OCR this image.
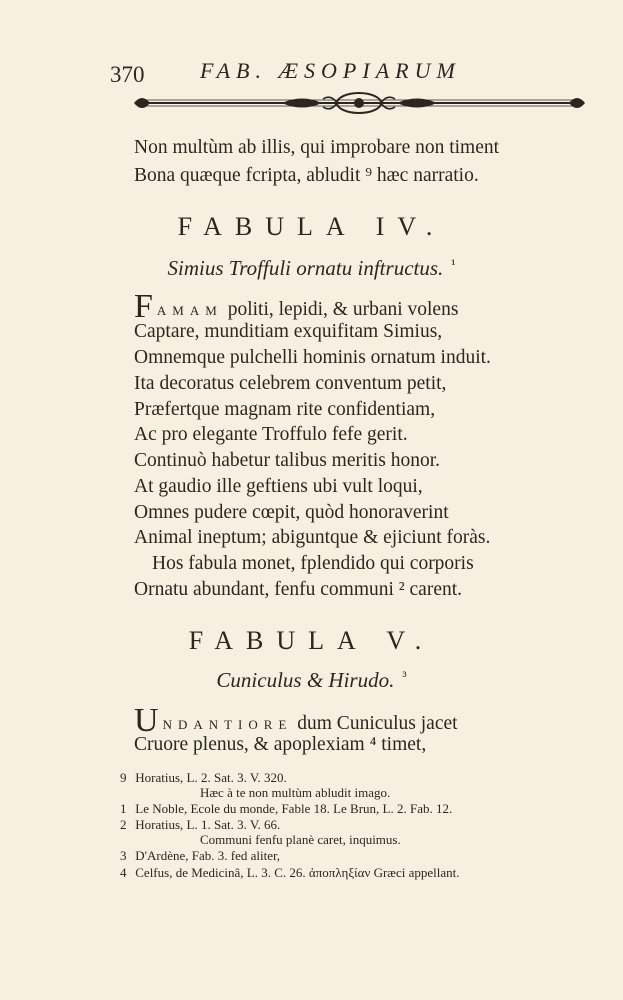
370	FAB. ÆSOPIARUM
Non multùm ab illis, qui improbare non timent
Bona quæque fcripta, abludit ⁹ hæc narratio.
FABULA IV.
Simius Troffuli ornatu inftructus. $^{^1}$
FAMAM politi, lepidi, & urbani volens
Captare, munditiam exquifitam Simius,
Omnemque pulchelli hominis ornatum induit.
Ita decoratus celebrem conventum petit,
Præfertque magnam rite confidentiam,
Ac pro elegante Troffulo fefe gerit.
Continuò habetur talibus meritis honor.
At gaudio ille geftiens ubi vult loqui,
Omnes pudere cœpit, quòd honoraverint
Animal ineptum; abiguntque & ejiciunt foràs.
Hos fabula monet, fplendido qui corporis
Ornatu abundant, fenfu communi ² carent.
FABULA V.
Cuniculus & Hirudo. $^{^3}$
UNDANTIORE dum Cuniculus jacet
Cruore plenus, & apoplexiam ⁴ timet,
9 Horatius, L. 2. Sat. 3. V. 320.
Hæc à te non multùm abludit imago.
1 Le Noble, Ecole du monde, Fable 18. Le Brun, L. 2. Fab. 12.
2 Horatius, L. 1. Sat. 3. V. 66.
Communi fenfu planè caret, inquimus.
3 D'Ardène, Fab. 3. fed aliter,
4 Celfus, de Medicinâ, L. 3. C. 26. ἀποπληξίαν Græci appellant.
